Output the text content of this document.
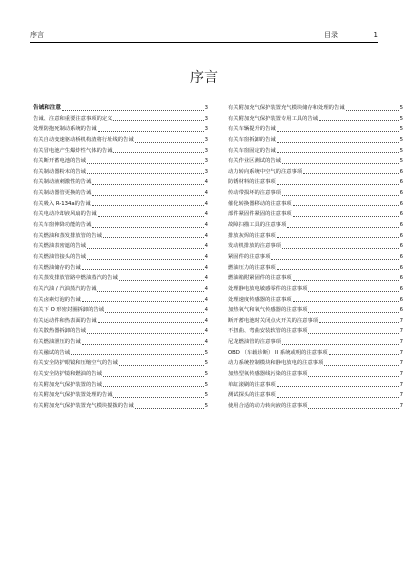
序言	目录	1
序言
告诫和注意	3
告诫、注意和重要注意事项的定义	3
处理防抱死制动系统的告诫	3
有关自动变速驱动桥机构渣将行址线的告诫	3
有关冒电池产生爆炸性气体的告诫	3
有关断开蓄电池的告诫	3
有关制动器粉末的告诫	3
有关制动液刺激性的告诫	4
有关制动器管更换的告诫	4
有关吸入 R-134a的告诫	4
有关电动冷却液风扇的告诫	4
有关车窗伸降功能的告诫	4
有关燃油和蒸发排放管的告诫	4
有关燃油表密遮的告诫	4
有关燃油管接头的告诫	4
有关燃油储存的告诫	4
有关蒸发排放管路中燃油蒸汽的告诫	4
有关汽油 / 汽油蒸汽的告诫	4
有关卤素灯泡的告诫	4
有关下 O 形密封圈拆卸的告诫	4
有关运动件和热表面的告诫	4
有关散热器拆卸的告诫	4
有关燃油泄压的告诫	4
有关融试的告诫	5
有关安全防护眼镜和压缩空气的告诫	5
有关安全防护镜和燃油的告诫	5
有关附加充气保护装置的告诫	5
有关附加充气保护装置处理的告诫	5
有关附加充气保护装置充气模块搅拨的告诫	5
有关附加充气保护装置充气模块储存和处理的告诫	5
有关附加充气保护装置专用工具的告诫	5
有关车辆提升的告诫	5
有关车窗拆卸的告诫	5
有关车窗固定的告诫	5
有关作业区测试的告诫	5
动力转向系统中空气的注意事项	6
防锈材料的注意事项	6
传动带损坏的注意事项	6
催化转换器移动的注意事项	6
部件紧固件紧固的注意事项	6
故障扫描工具的注意事项	6
排放灰烬的注意事项	6
发动机排放的注意事项	6
紧固件的注意事项	6
燃油压力的注意事项	6
燃油箱附紧固件的注意事项	6
处理静电放电敏感零件的注意事项	6
处理速度传感器的注意事项	6
加热氧气和氧气传感器的注意事项	6
断开蓄电池时关闭点火开关的注意事项	7
不扭曲、弯曲安装软管的注意事项	7
尼龙燃油管的注意事项	7
OBD （车载诊断） II 系统或明的注意事项	7
动力系统控制模块和静电放电的注意事项	7
加热型氧传感器线污染的注意事项	7
单缸滚刷的注意事项	7
测试探头的注意事项	7
使用合适的动力转向液的注意事项	7
